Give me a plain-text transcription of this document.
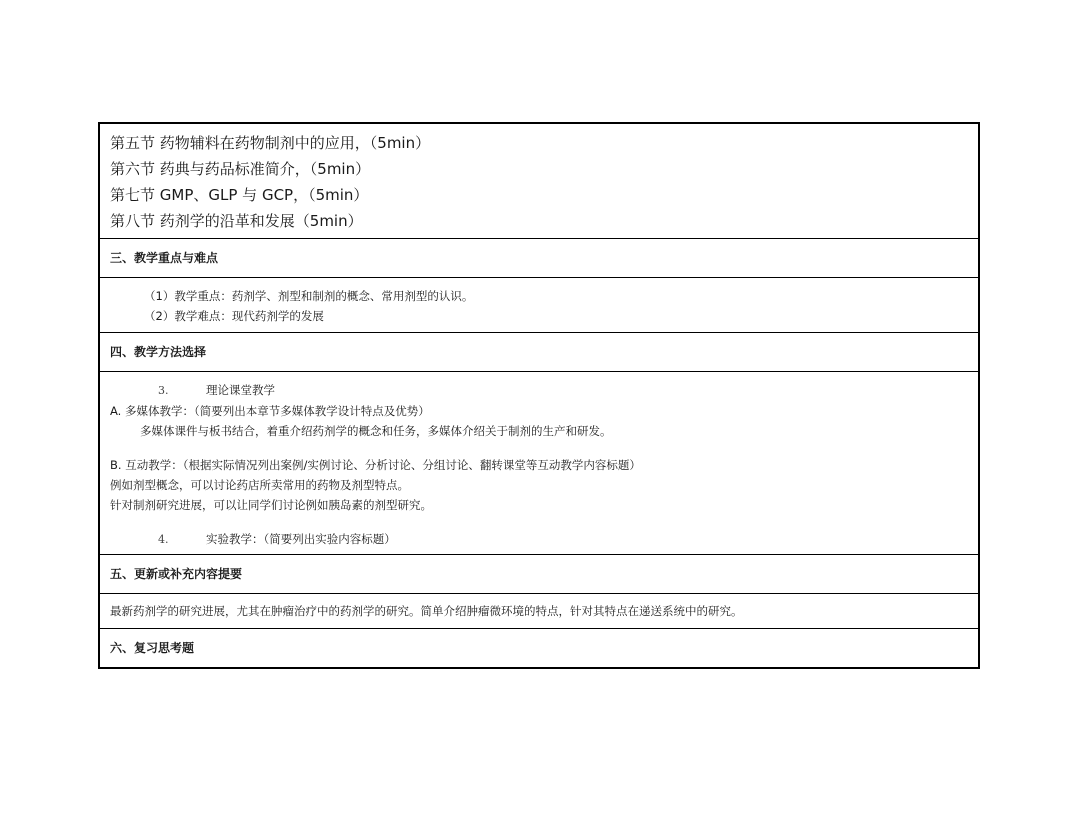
第五节 药物辅料在药物制剂中的应用，（5min）
第六节 药典与药品标准简介，（5min）
第七节 GMP、GLP 与 GCP，（5min）
第八节 药剂学的沿革和发展（5min）
三、教学重点与难点
（1）教学重点：药剂学、剂型和制剂的概念、常用剂型的认识。
（2）教学难点：现代药剂学的发展
四、教学方法选择
3.	理论课堂教学
A. 多媒体教学：（简要列出本章节多媒体教学设计特点及优势）
多媒体课件与板书结合，着重介绍药剂学的概念和任务，多媒体介绍关于制剂的生产和研发。
B. 互动教学：（根据实际情况列出案例/实例讨论、分析讨论、分组讨论、翻转课堂等互动教学内容标题）
例如剂型概念，可以讨论药店所卖常用的药物及剂型特点。
针对制剂研究进展，可以让同学们讨论例如胰岛素的剂型研究。
4.	实验教学：（简要列出实验内容标题）
五、更新或补充内容提要
最新药剂学的研究进展，尤其在肿瘤治疗中的药剂学的研究。简单介绍肿瘤微环境的特点，针对其特点在递送系统中的研究。
六、复习思考题
